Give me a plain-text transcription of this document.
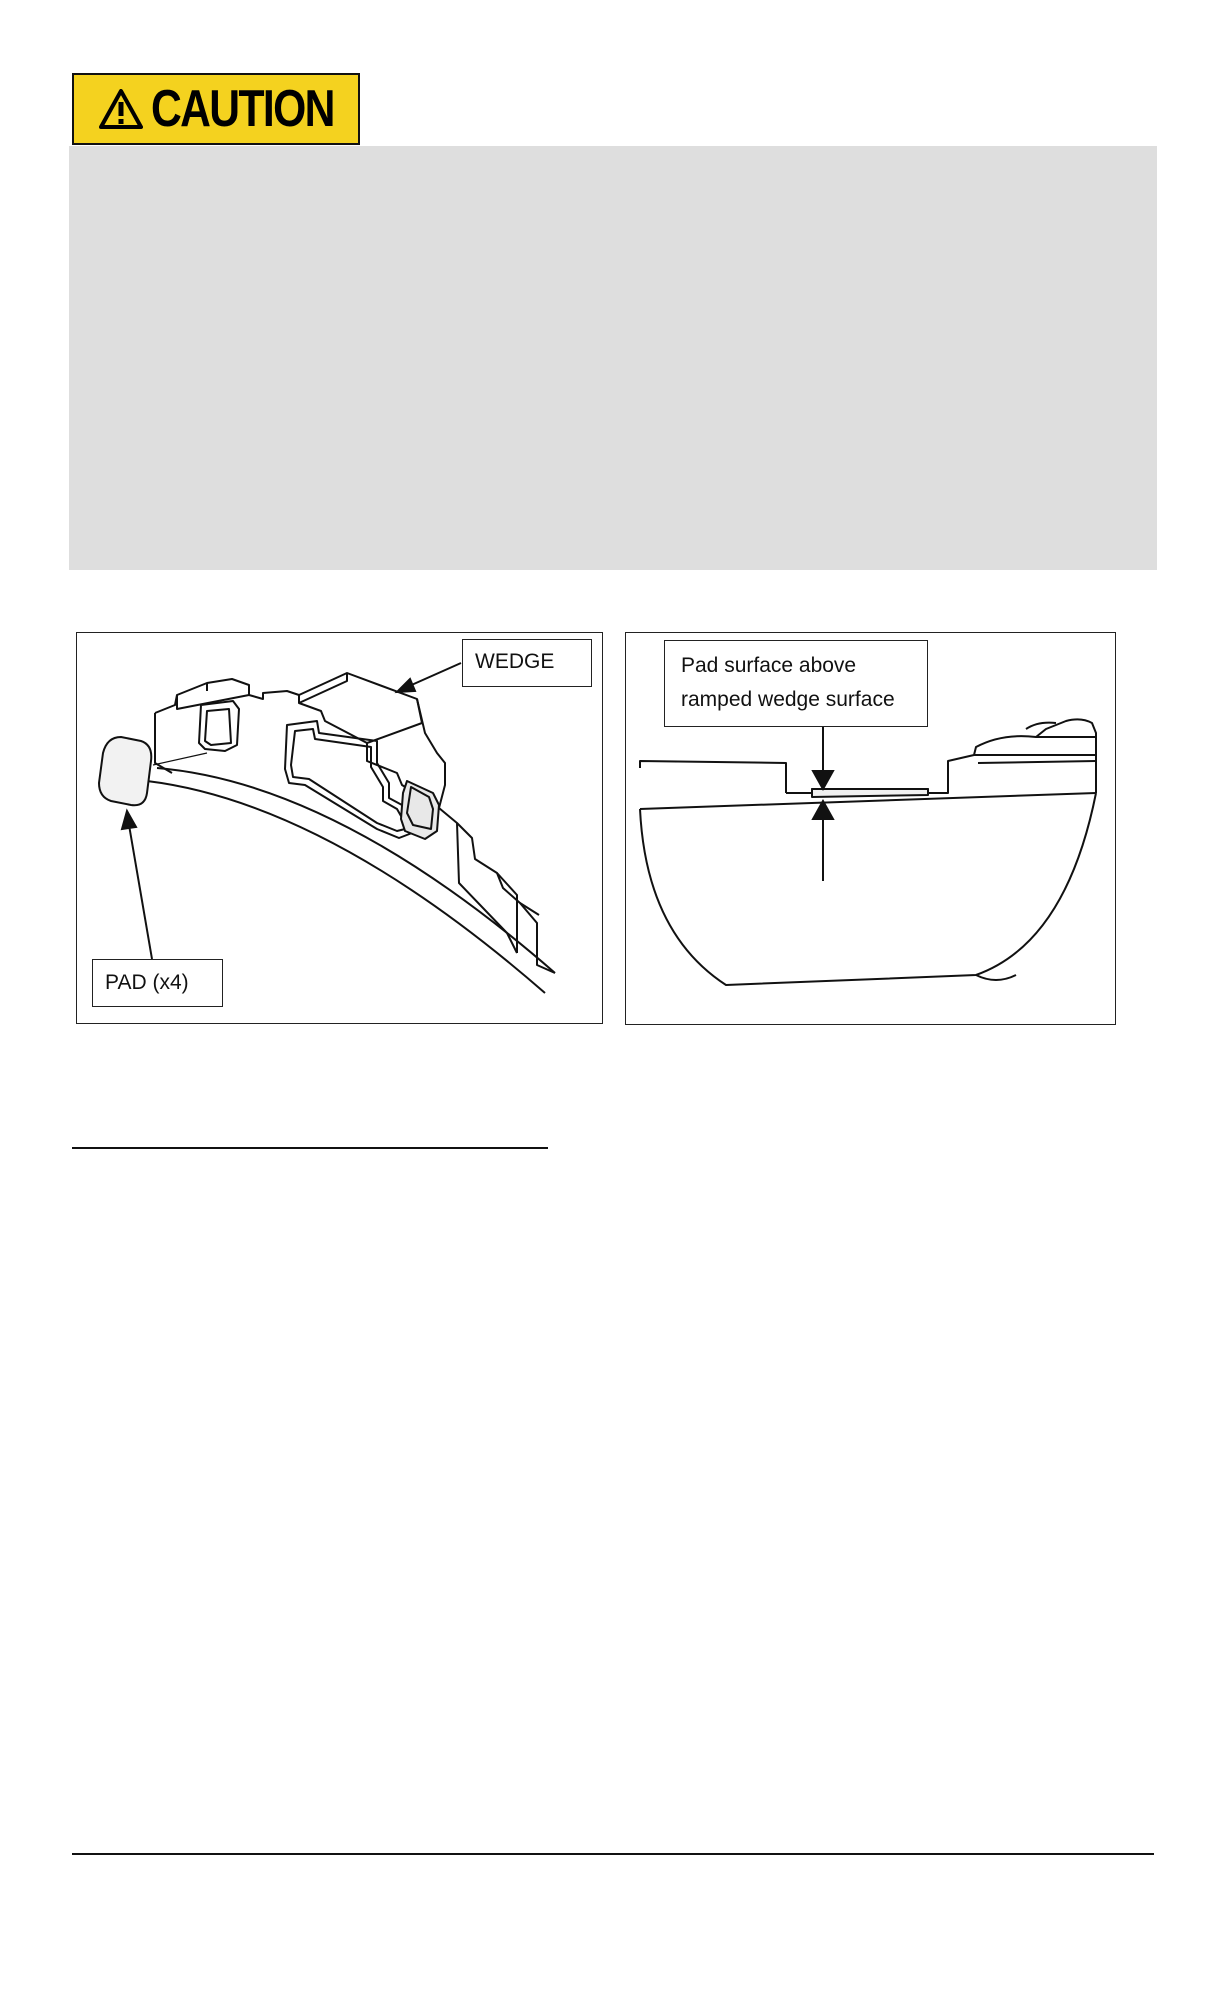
CAUTION
WEDGE
PAD (x4)
Pad surface above
ramped wedge surface
